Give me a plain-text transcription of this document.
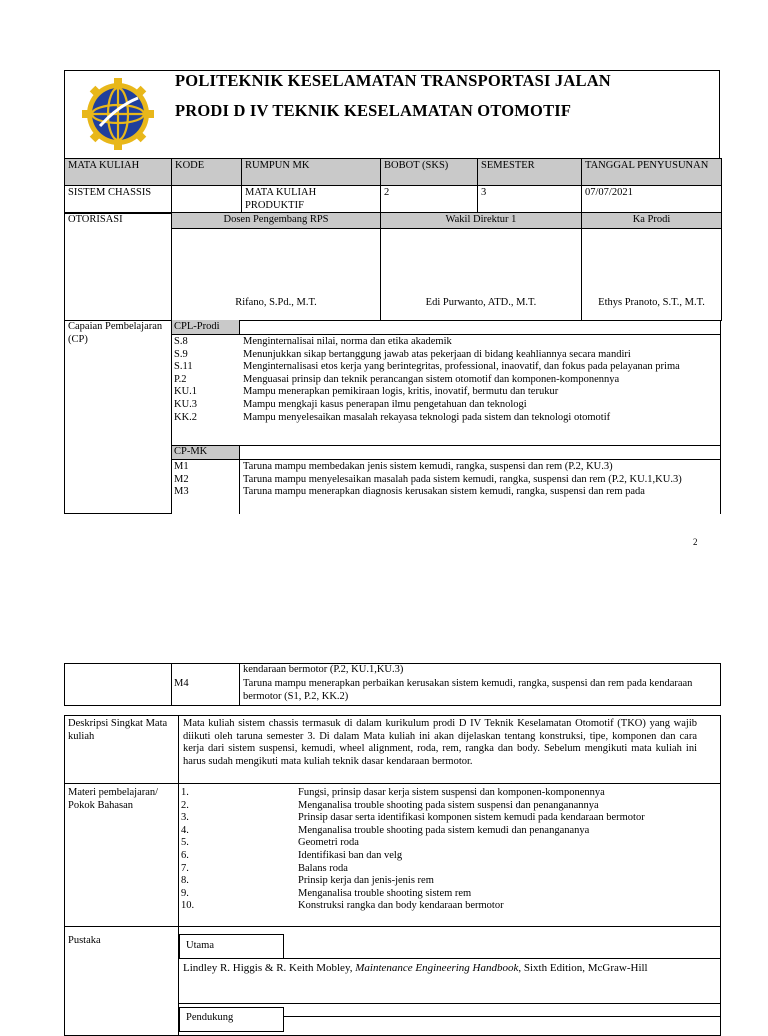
POLITEKNIK KESELAMATAN TRANSPORTASI JALAN
PRODI D IV TEKNIK KESELAMATAN OTOMOTIF
MATA KULIAH	KODE	RUMPUN MK	BOBOT (SKS)	SEMESTER	TANGGAL PENYUSUNAN
SISTEM CHASSIS		MATA KULIAH PRODUKTIF	2	3	07/07/2021
OTORISASI	Dosen Pengembang RPS	Wakil Direktur 1	Ka Prodi
	Rifano, S.Pd., M.T.	Edi Purwanto, ATD., M.T.	Ethys Pranoto, S.T., M.T.
Capaian Pembelajaran (CP)
CPL-Prodi
S.8	Menginternalisai nilai, norma dan etika akademik
S.9	Menunjukkan sikap bertanggung jawab atas pekerjaan di bidang keahliannya secara mandiri
S.11	Menginternalisasi etos kerja yang berintegritas, professional, inaovatif, dan fokus pada pelayanan prima
P.2	Menguasai prinsip dan teknik perancangan sistem otomotif dan komponen-komponennya
KU.1	Mampu menerapkan pemikiraan logis, kritis, inovatif, bermutu dan terukur
KU.3	Mampu mengkaji kasus penerapan ilmu pengetahuan dan teknologi
KK.2	Mampu menyelesaikan masalah rekayasa teknologi pada sistem dan teknologi otomotif
CP-MK
M1	Taruna mampu membedakan jenis sistem kemudi, rangka, suspensi dan rem (P.2, KU.3)
M2	Taruna mampu menyelesaikan masalah pada sistem kemudi, rangka, suspensi dan rem (P.2, KU.1,KU.3)
M3	Taruna mampu menerapkan diagnosis kerusakan sistem kemudi, rangka, suspensi dan rem pada
2
kendaraan bermotor (P.2, KU.1,KU.3)
M4	Taruna mampu menerapkan perbaikan kerusakan sistem kemudi, rangka, suspensi dan rem pada kendaraan bermotor (S1, P.2, KK.2)
Deskripsi Singkat Mata kuliah
Mata kuliah sistem chassis termasuk di dalam kurikulum prodi D IV Teknik Keselamatan Otomotif (TKO) yang wajib diikuti oleh taruna semester 3. Di dalam Mata kuliah ini akan dijelaskan tentang konstruksi, tipe, komponen dan cara kerja dari sistem suspensi, kemudi, wheel alignment, roda, rem, rangka dan body. Sebelum mengikuti mata kuliah ini harus sudah mengikuti mata kuliah teknik dasar kendaraan bermotor.
Materi pembelajaran/ Pokok Bahasan
1.	Fungsi, prinsip dasar kerja sistem suspensi dan komponen-komponennya
2.	Menganalisa trouble shooting pada sistem suspensi dan penanganannya
3.	Prinsip dasar serta identifikasi komponen sistem kemudi pada kendaraan bermotor
4.	Menganalisa trouble shooting pada sistem kemudi dan penangananya
5.	Geometri roda
6.	Identifikasi ban dan velg
7.	Balans roda
8.	Prinsip kerja dan jenis-jenis rem
9.	Menganalisa trouble shooting sistem rem
10.	Konstruksi rangka dan body kendaraan bermotor
Pustaka	Utama
Lindley R. Higgis & R. Keith Mobley, Maintenance Engineering Handbook, Sixth Edition, McGraw-Hill
Pendukung
